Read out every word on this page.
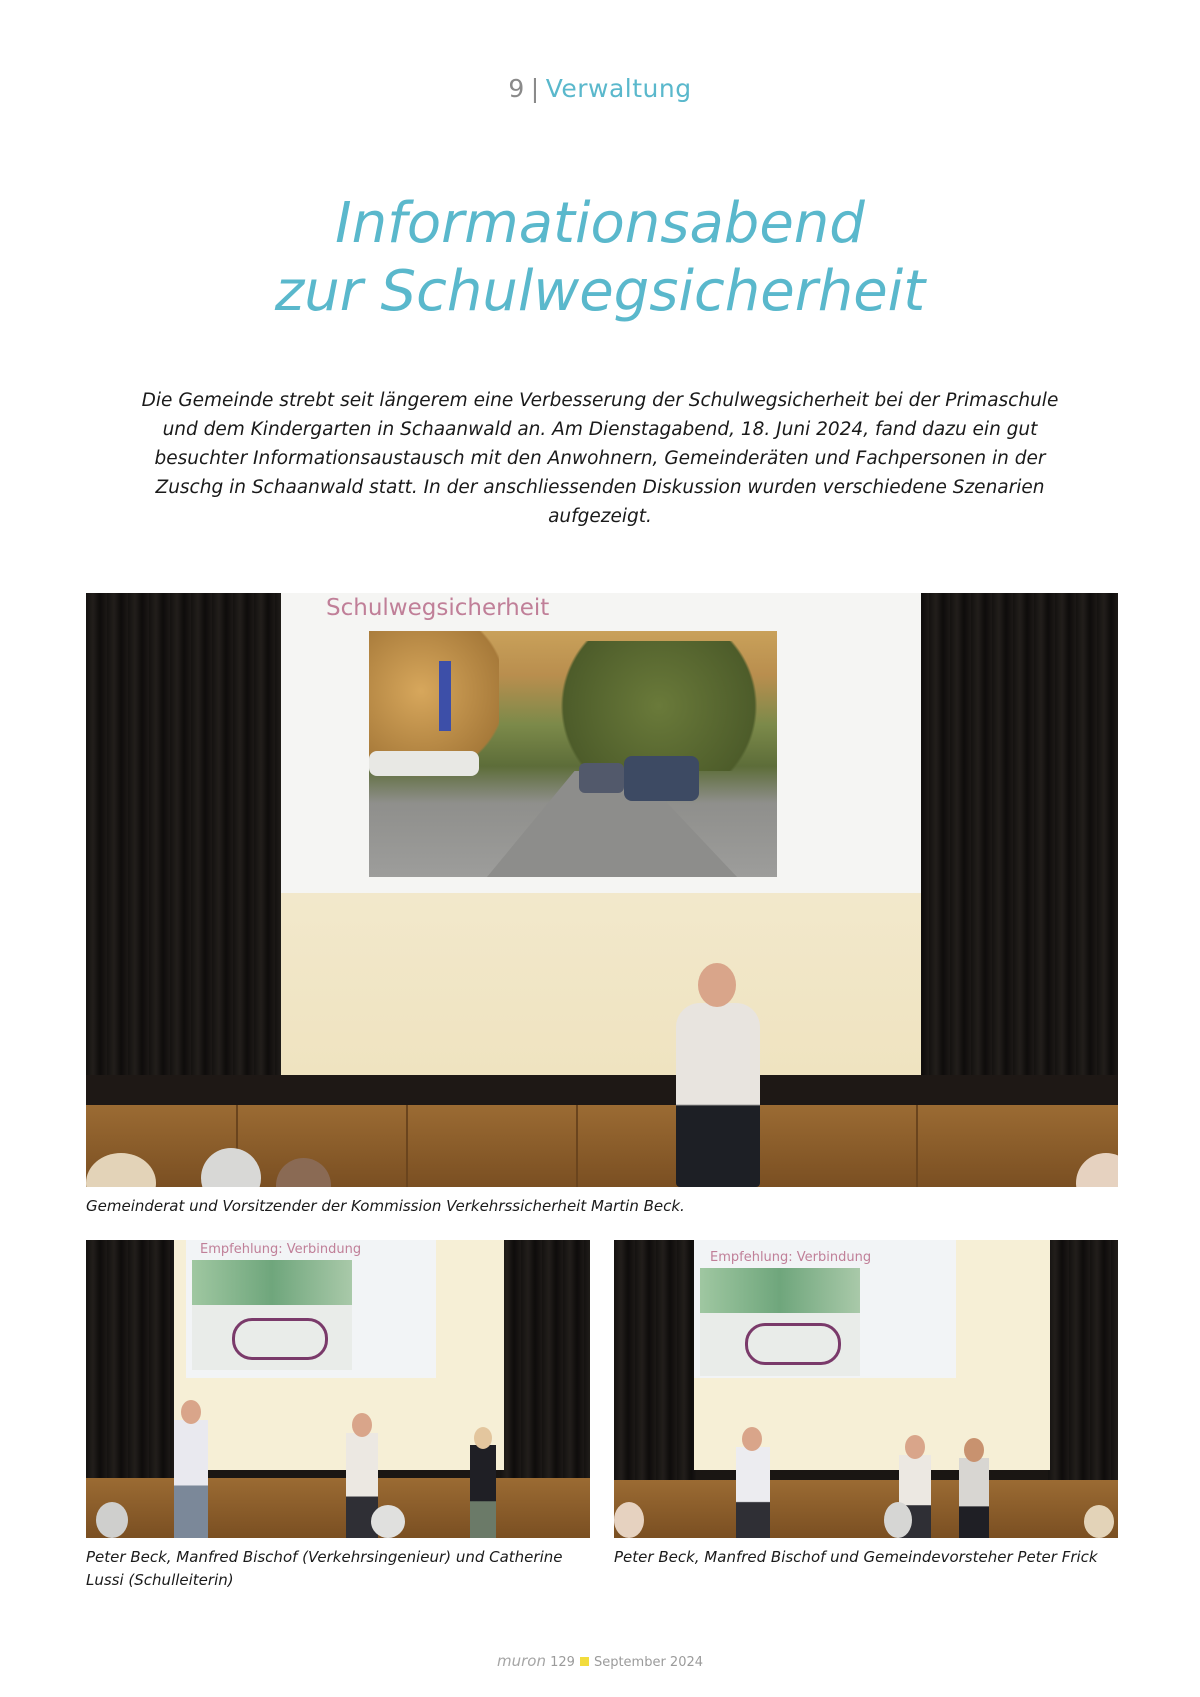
9 | Verwaltung
Informationsabend
zur Schulwegsicherheit

Die Gemeinde strebt seit längerem eine Verbesserung der Schulwegsicherheit bei der Primaschule und dem Kindergarten in Schaanwald an. Am Dienstagabend, 18. Juni 2024, fand dazu ein gut besuchter Informationsaustausch mit den Anwohnern, Gemeinderäten und Fachpersonen in der Zuschg in Schaanwald statt. In der anschliessenden Diskussion wurden verschiedene Szenarien aufgezeigt.

Schulwegsicherheit

Gemeinderat und Vorsitzender der Kommission Verkehrssicherheit Martin Beck.

Empfehlung: Verbindung

Peter Beck, Manfred Bischof (Verkehrsingenieur) und Catherine Lussi (Schulleiterin)

Empfehlung: Verbindung

Peter Beck, Manfred Bischof und Gemeindevorsteher Peter Frick

muron 129 September 2024
